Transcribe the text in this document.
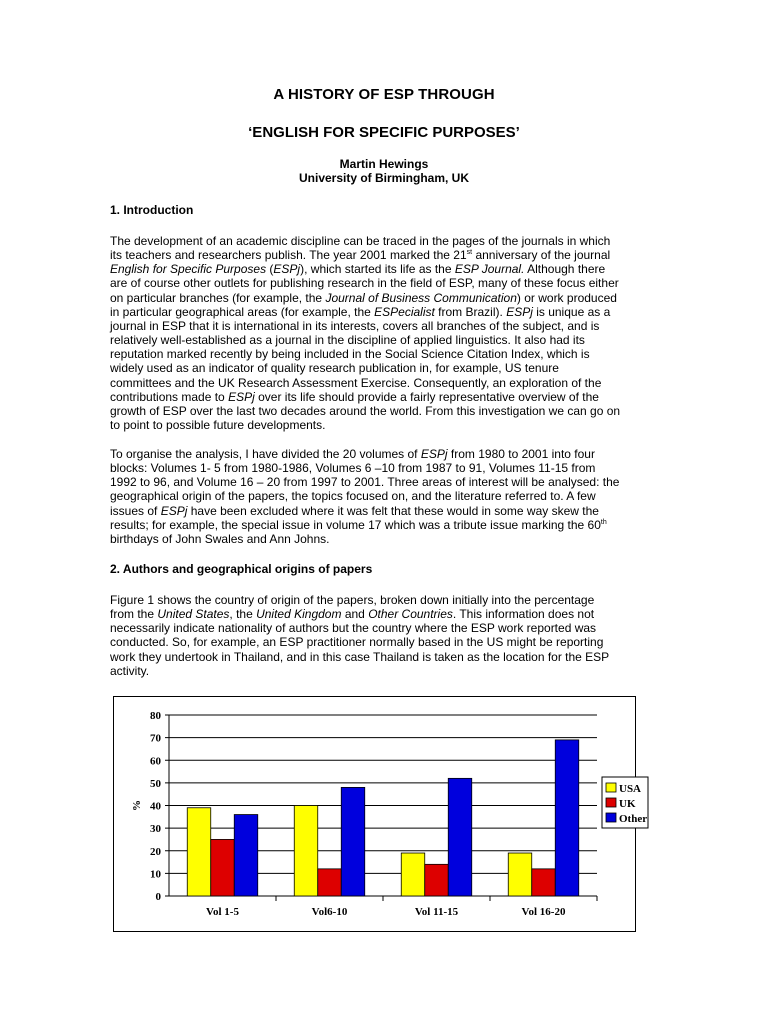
A HISTORY OF ESP THROUGH
‘ENGLISH FOR SPECIFIC PURPOSES’
Martin Hewings
University of Birmingham, UK
1. Introduction
The development of an academic discipline can be traced in the pages of the journals in which
its teachers and researchers publish. The year 2001 marked the 21st anniversary of the journal
English for Specific Purposes (ESPj), which started its life as the ESP Journal. Although there
are of course other outlets for publishing research in the field of ESP, many of these focus either
on particular branches (for example, the Journal of Business Communication) or work produced
in particular geographical areas (for example, the ESPecialist from Brazil). ESPj is unique as a
journal in ESP that it is international in its interests, covers all branches of the subject, and is
relatively well-established as a journal in the discipline of applied linguistics. It also had its
reputation marked recently by being included in the Social Science Citation Index, which is
widely used as an indicator of quality research publication in, for example, US tenure
committees and the UK Research Assessment Exercise. Consequently, an exploration of the
contributions made to ESPj over its life should provide a fairly representative overview of the
growth of ESP over the last two decades around the world. From this investigation we can go on
to point to possible future developments.
To organise the analysis, I have divided the 20 volumes of ESPj from 1980 to 2001 into four
blocks: Volumes 1- 5 from 1980-1986, Volumes 6 –10 from 1987 to 91, Volumes 11-15 from
1992 to 96, and Volume 16 – 20 from 1997 to 2001. Three areas of interest will be analysed: the
geographical origin of the papers, the topics focused on, and the literature referred to. A few
issues of ESPj have been excluded where it was felt that these would in some way skew the
results; for example, the special issue in volume 17 which was a tribute issue marking the 60th
birthdays of John Swales and Ann Johns.
2. Authors and geographical origins of papers
Figure 1 shows the country of origin of the papers, broken down initially into the percentage
from the United States, the United Kingdom and Other Countries. This information does not
necessarily indicate nationality of authors but the country where the ESP work reported was
conducted. So, for example, an ESP practitioner normally based in the US might be reporting
work they undertook in Thailand, and in this case Thailand is taken as the location for the ESP
activity.
0
10
20
30
40
50
60
70
80
%
Vol 1-5	Vol6-10	Vol 11-15	Vol 16-20
USA
UK
Other
